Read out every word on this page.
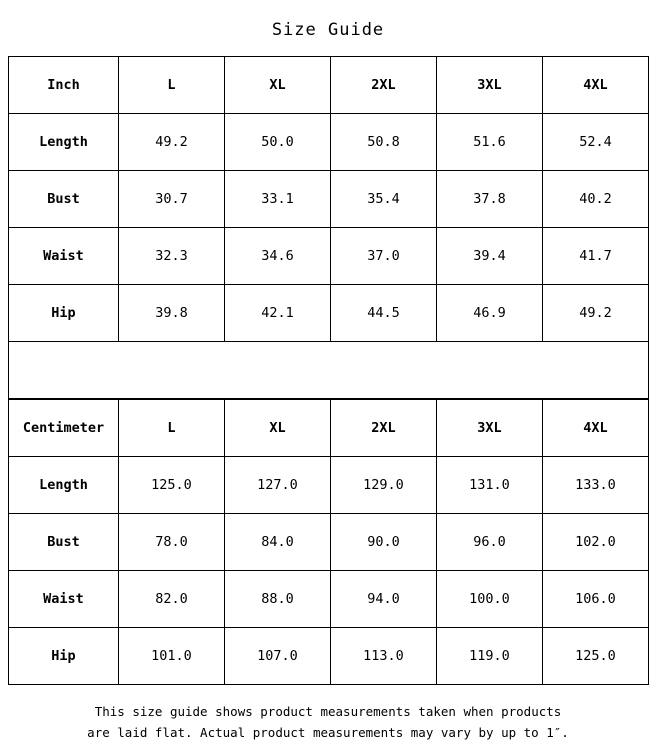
Size Guide
Inch	L	XL	2XL	3XL	4XL
Length	49.2	50.0	50.8	51.6	52.4
Bust	30.7	33.1	35.4	37.8	40.2
Waist	32.3	34.6	37.0	39.4	41.7
Hip	39.8	42.1	44.5	46.9	49.2

Centimeter	L	XL	2XL	3XL	4XL
Length	125.0	127.0	129.0	131.0	133.0
Bust	78.0	84.0	90.0	96.0	102.0
Waist	82.0	88.0	94.0	100.0	106.0
Hip	101.0	107.0	113.0	119.0	125.0
This size guide shows product measurements taken when products
are laid flat. Actual product measurements may vary by up to 1″.
